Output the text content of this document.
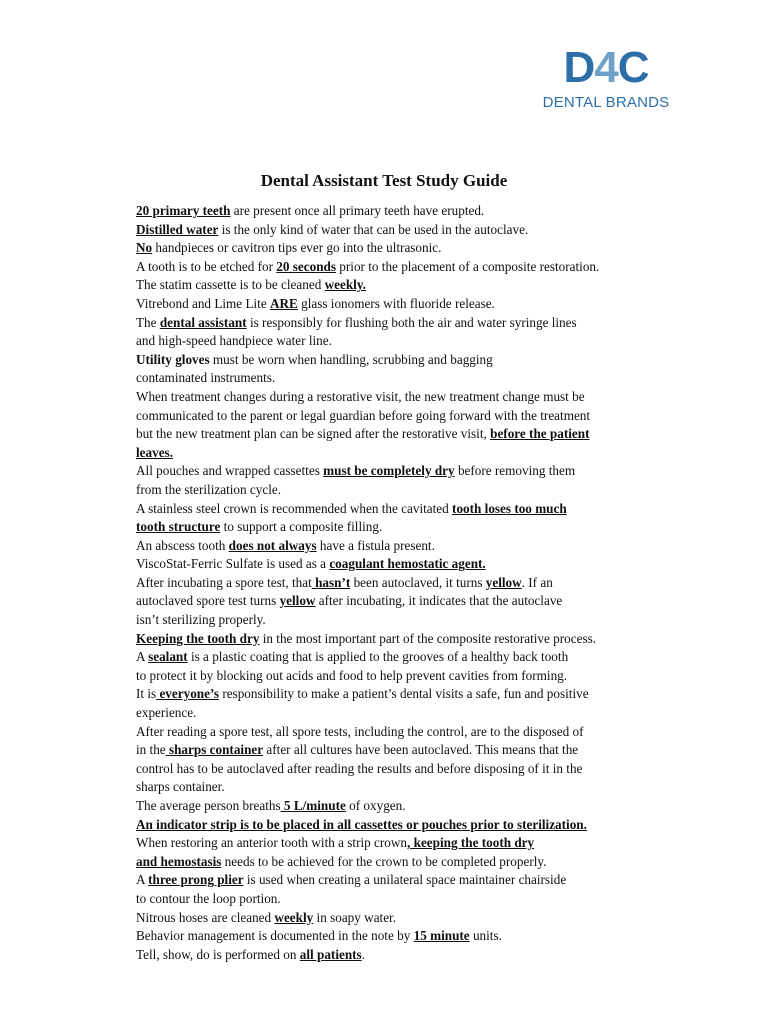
D4C
DENTAL BRANDS
Dental Assistant Test Study Guide
20 primary teeth are present once all primary teeth have erupted.
Distilled water is the only kind of water that can be used in the autoclave.
No handpieces or cavitron tips ever go into the ultrasonic.
A tooth is to be etched for 20 seconds prior to the placement of a composite restoration.
The statim cassette is to be cleaned weekly.
Vitrebond and Lime Lite ARE glass ionomers with fluoride release.
The dental assistant is responsibly for flushing both the air and water syringe lines
and high-speed handpiece water line.
Utility gloves must be worn when handling, scrubbing and bagging
contaminated instruments.
When treatment changes during a restorative visit, the new treatment change must be
communicated to the parent or legal guardian before going forward with the treatment
but the new treatment plan can be signed after the restorative visit, before the patient
leaves.
All pouches and wrapped cassettes must be completely dry before removing them
from the sterilization cycle.
A stainless steel crown is recommended when the cavitated tooth loses too much
tooth structure to support a composite filling.
An abscess tooth does not always have a fistula present.
ViscoStat-Ferric Sulfate is used as a coagulant hemostatic agent.
After incubating a spore test, that hasn’t been autoclaved, it turns yellow. If an
autoclaved spore test turns yellow after incubating, it indicates that the autoclave
isn’t sterilizing properly.
Keeping the tooth dry in the most important part of the composite restorative process.
A sealant is a plastic coating that is applied to the grooves of a healthy back tooth
to protect it by blocking out acids and food to help prevent cavities from forming.
It is everyone’s responsibility to make a patient’s dental visits a safe, fun and positive
experience.
After reading a spore test, all spore tests, including the control, are to the disposed of
in the sharps container after all cultures have been autoclaved. This means that the
control has to be autoclaved after reading the results and before disposing of it in the
sharps container.
The average person breaths 5 L/minute of oxygen.
An indicator strip is to be placed in all cassettes or pouches prior to sterilization.
When restoring an anterior tooth with a strip crown, keeping the tooth dry
and hemostasis needs to be achieved for the crown to be completed properly.
A three prong plier is used when creating a unilateral space maintainer chairside
to contour the loop portion.
Nitrous hoses are cleaned weekly in soapy water.
Behavior management is documented in the note by 15 minute units.
Tell, show, do is performed on all patients.
